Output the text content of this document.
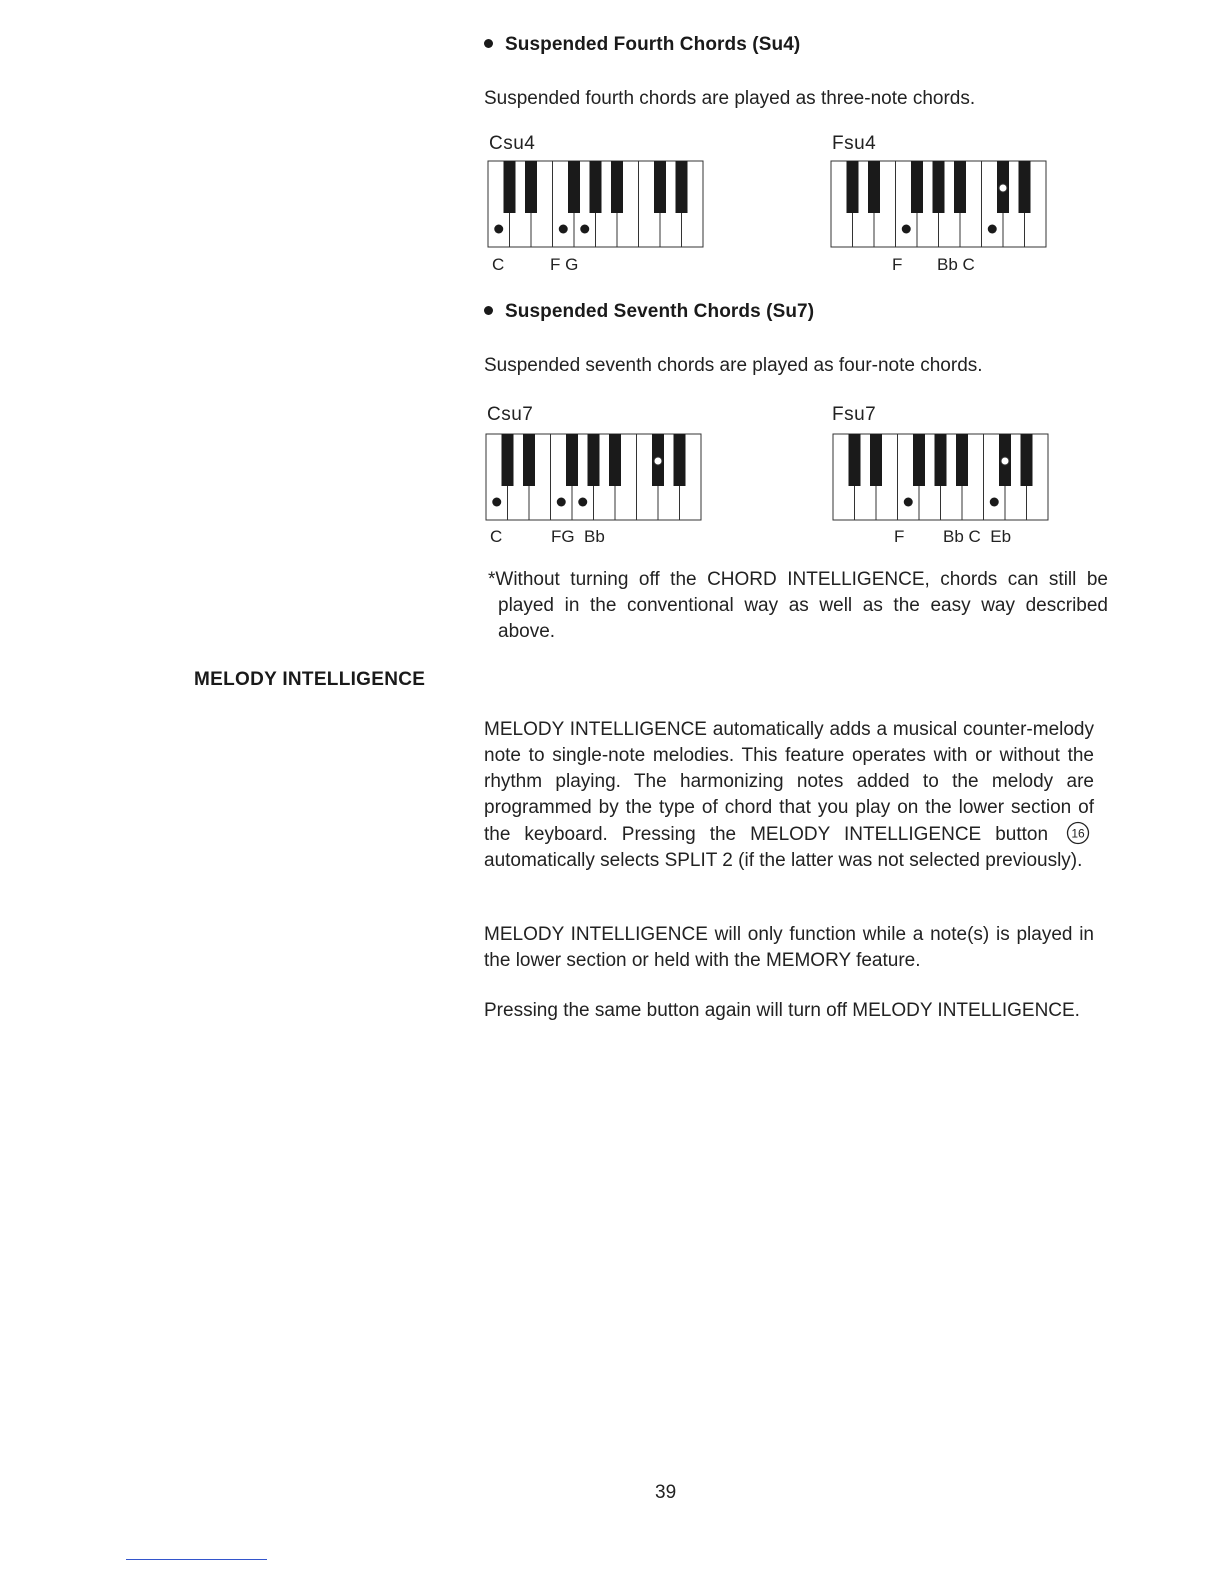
Suspended Fourth Chords (Su4)
Suspended fourth chords are played as three-note chords.
Csu4
C	F G
Fsu4
F Bb C
Suspended Seventh Chords (Su7)
Suspended seventh chords are played as four-note chords.
Csu7
C	FG  Bb
Fsu7
F Bb C  Eb
*Without turning off the CHORD INTELLIGENCE, chords can still be played in the conventional way as well as the easy way described above.
MELODY INTELLIGENCE
MELODY INTELLIGENCE automatically adds a musical counter-melody note to single-note melodies. This feature operates with or without the rhythm playing. The harmonizing notes added to the melody are programmed by the type of chord that you play on the lower section of the keyboard. Pressing the MELODY INTELLIGENCE button 16
automatically selects SPLIT 2 (if the latter was not selected previously).
MELODY INTELLIGENCE will only function while a note(s) is played in the lower section or held with the MEMORY feature.
Pressing the same button again will turn off MELODY INTELLIGENCE.
39
